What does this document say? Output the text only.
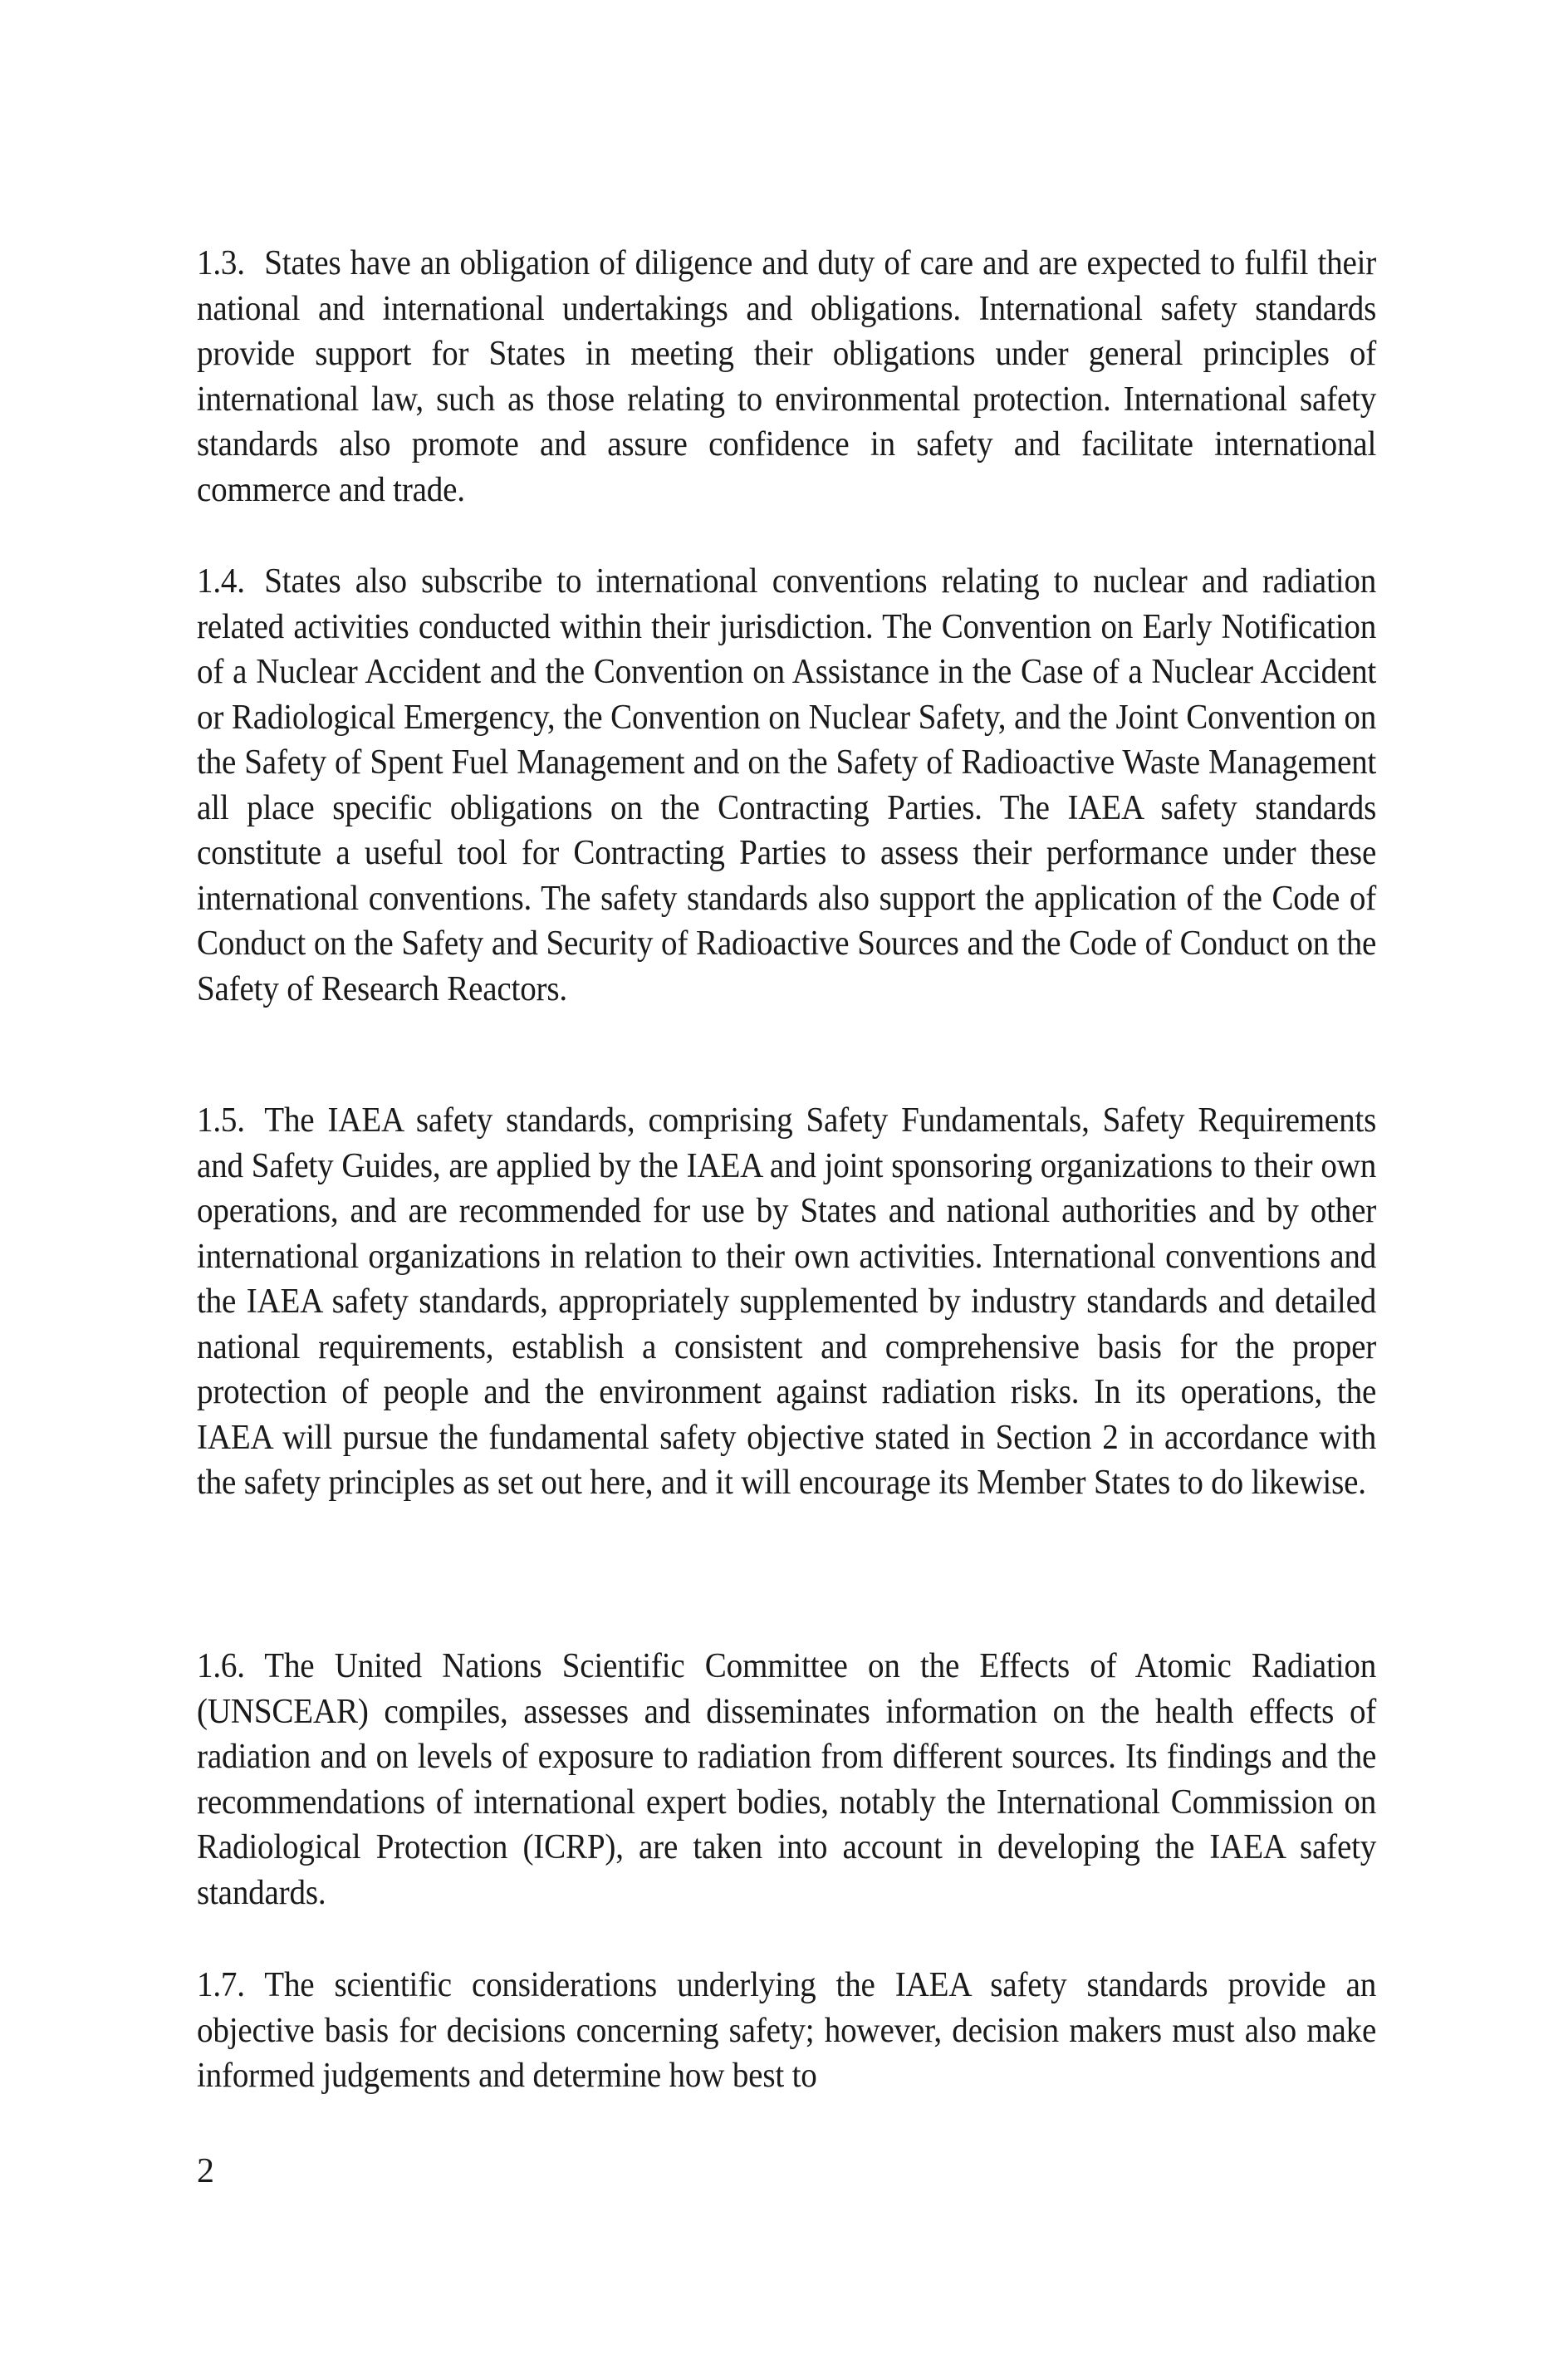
1.3. States have an obligation of diligence and duty of care and are expected to fulfil their national and international undertakings and obligations. International safety standards provide support for States in meeting their obligations under general principles of international law, such as those relating to environmental protection. International safety standards also promote and assure confidence in safety and facilitate international commerce and trade.

1.4. States also subscribe to international conventions relating to nuclear and radiation related activities conducted within their jurisdiction. The Convention on Early Notification of a Nuclear Accident and the Convention on Assistance in the Case of a Nuclear Accident or Radiological Emergency, the Convention on Nuclear Safety, and the Joint Convention on the Safety of Spent Fuel Management and on the Safety of Radioactive Waste Management all place specific obligations on the Contracting Parties. The IAEA safety standards constitute a useful tool for Contracting Parties to assess their performance under these international conventions. The safety standards also support the application of the Code of Conduct on the Safety and Security of Radioactive Sources and the Code of Conduct on the Safety of Research Reactors.

1.5. The IAEA safety standards, comprising Safety Fundamentals, Safety Requirements and Safety Guides, are applied by the IAEA and joint sponsoring organizations to their own operations, and are recommended for use by States and national authorities and by other international organizations in relation to their own activities. International conventions and the IAEA safety standards, appropriately supplemented by industry standards and detailed national requirements, establish a consistent and comprehensive basis for the proper protection of people and the environment against radiation risks. In its operations, the IAEA will pursue the fundamental safety objective stated in Section 2 in accordance with the safety principles as set out here, and it will encourage its Member States to do likewise.

1.6. The United Nations Scientific Committee on the Effects of Atomic Radiation (UNSCEAR) compiles, assesses and disseminates information on the health effects of radiation and on levels of exposure to radiation from different sources. Its findings and the recommendations of international expert bodies, notably the International Commission on Radiological Protection (ICRP), are taken into account in developing the IAEA safety standards.

1.7. The scientific considerations underlying the IAEA safety standards provide an objective basis for decisions concerning safety; however, decision makers must also make informed judgements and determine how best to

2
